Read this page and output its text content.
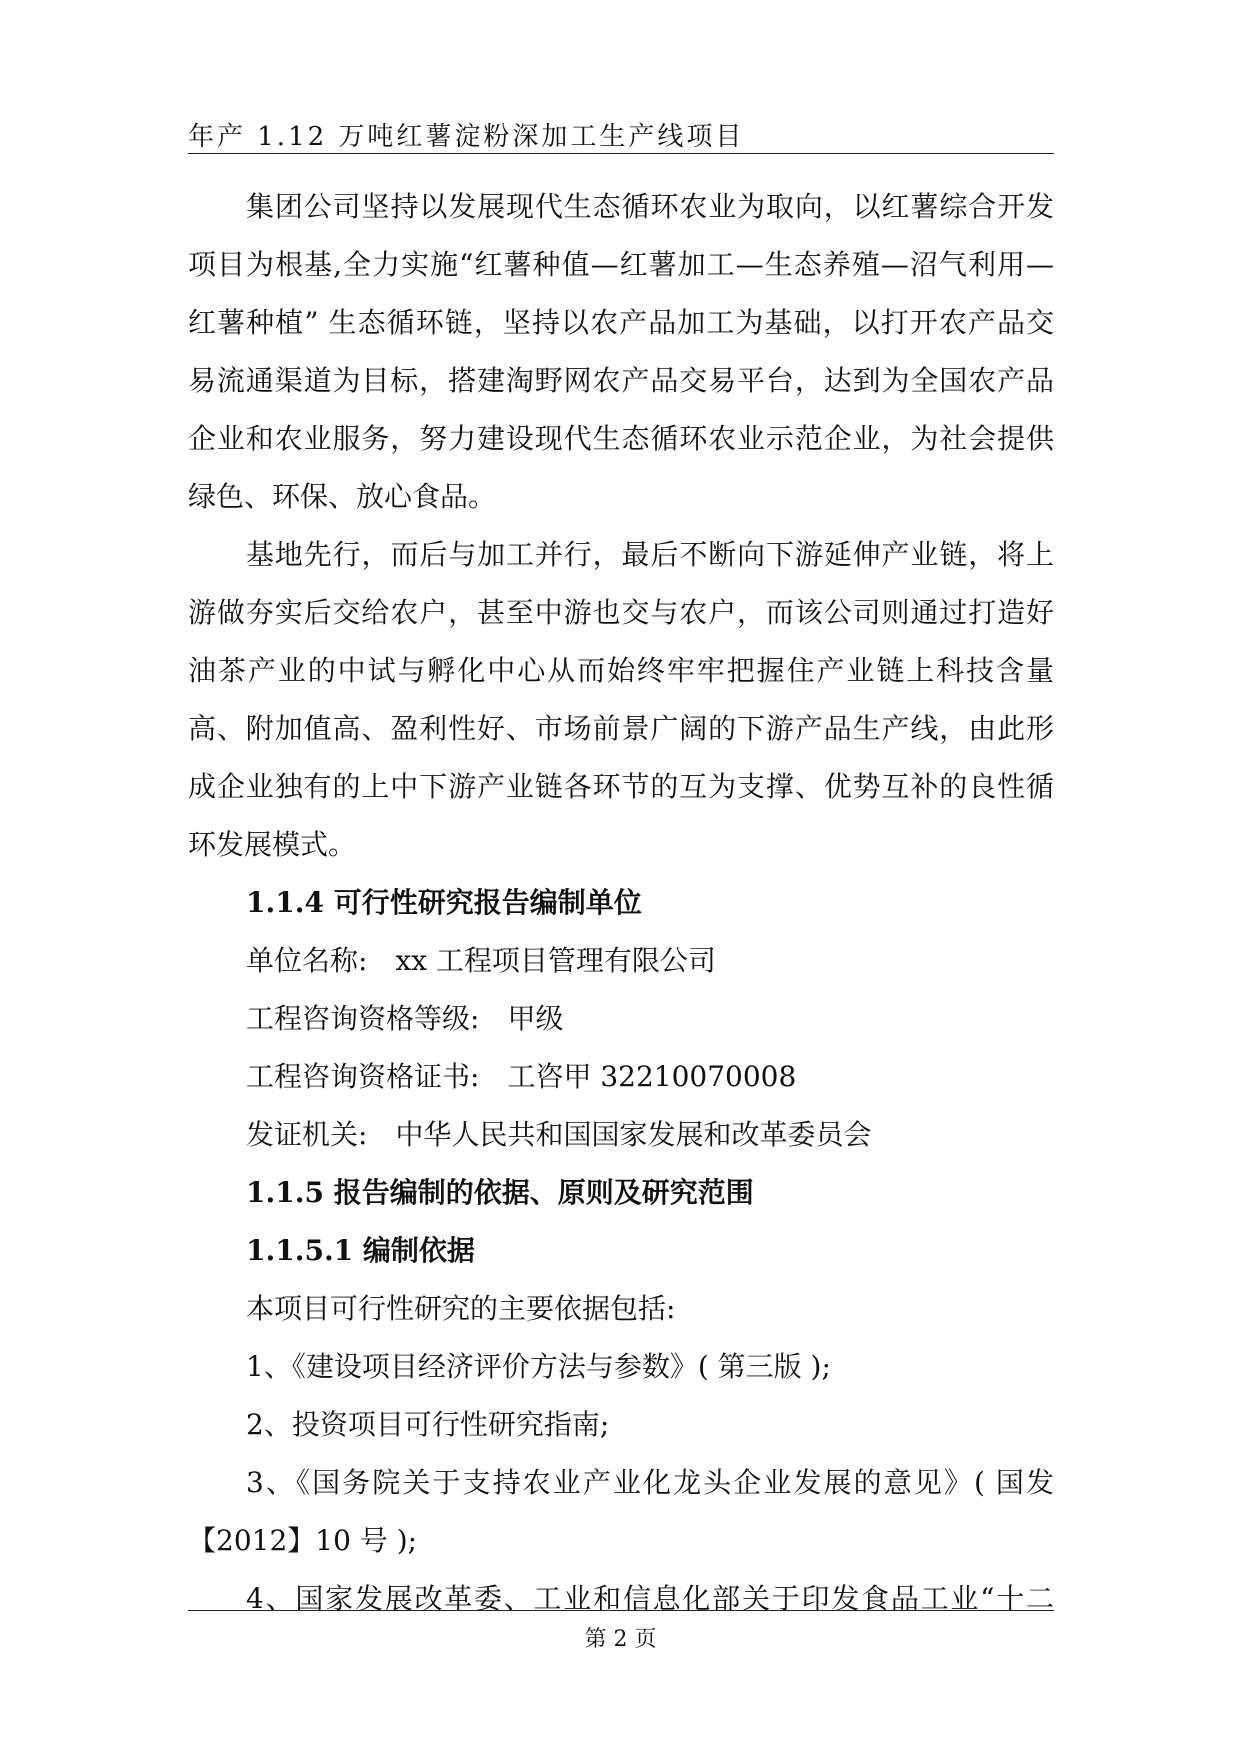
年产 1.12 万吨红薯淀粉深加工生产线项目
集团公司坚持以发展现代生态循环农业为取向，以红薯综合开发
项目为根基,全力实施“红薯种值—红薯加工—生态养殖—沼气利用—
红薯种植” 生态循环链，坚持以农产品加工为基础，以打开农产品交
易流通渠道为目标，搭建淘野网农产品交易平台，达到为全国农产品
企业和农业服务，努力建设现代生态循环农业示范企业，为社会提供
绿色、环保、放心食品。
基地先行，而后与加工并行，最后不断向下游延伸产业链，将上
游做夯实后交给农户，甚至中游也交与农户，而该公司则通过打造好
油茶产业的中试与孵化中心从而始终牢牢把握住产业链上科技含量
高、附加值高、盈利性好、市场前景广阔的下游产品生产线，由此形
成企业独有的上中下游产业链各环节的互为支撑、优势互补的良性循
环发展模式。
1.1.4 可行性研究报告编制单位
单位名称: xx 工程项目管理有限公司
工程咨询资格等级: 甲级
工程咨询资格证书: 工咨甲 32210070008
发证机关: 中华人民共和国国家发展和改革委员会
1.1.5 报告编制的依据、原则及研究范围
1.1.5.1 编制依据
本项目可行性研究的主要依据包括:
1、《建设项目经济评价方法与参数》( 第三版 );
2、投资项目可行性研究指南;
3、《国务院关于支持农业产业化龙头企业发展的意见》( 国发
【2012】10 号 );
4、国家发展改革委、工业和信息化部关于印发食品工业“十二
第 2 页
